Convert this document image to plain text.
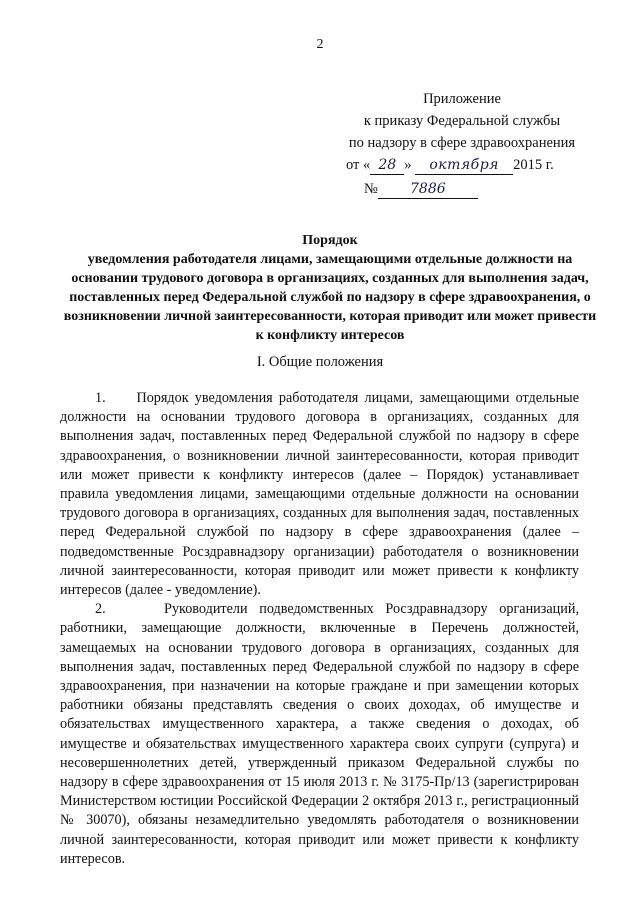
2
Приложение
к приказу Федеральной службы
по надзору в сфере здравоохранения
от « 28 » октября 2015 г.
№ 7886
Порядок
уведомления работодателя лицами, замещающими отдельные должности на основании трудового договора в организациях, созданных для выполнения задач, поставленных перед Федеральной службой по надзору в сфере здравоохранения, о возникновении личной заинтересованности, которая приводит или может привести к конфликту интересов
I. Общие положения

1.     Порядок уведомления работодателя лицами, замещающими отдельные должности на основании трудового договора в организациях, созданных для выполнения задач, поставленных перед Федеральной службой по надзору в сфере здравоохранения, о возникновении личной заинтересованности, которая приводит или может привести к конфликту интересов (далее – Порядок) устанавливает правила уведомления лицами, замещающими отдельные должности на основании трудового договора в организациях, созданных для выполнения задач, поставленных перед Федеральной службой по надзору в сфере здравоохранения (далее – подведомственные Росздравнадзору организации) работодателя о возникновении личной заинтересованности, которая приводит или может привести к конфликту интересов (далее - уведомление).

2.     Руководители подведомственных Росздравнадзору организаций, работники, замещающие должности, включенные в Перечень должностей, замещаемых на основании трудового договора в организациях, созданных для выполнения задач, поставленных перед Федеральной службой по надзору в сфере здравоохранения, при назначении на которые граждане и при замещении которых работники обязаны представлять сведения о своих доходах, об имуществе и обязательствах имущественного характера, а также сведения о доходах, об имуществе и обязательствах имущественного характера своих супруги (супруга) и несовершеннолетних детей, утвержденный приказом Федеральной службы по надзору в сфере здравоохранения от 15 июля 2013 г. № 3175-Пр/13 (зарегистрирован Министерством юстиции Российской Федерации 2 октября 2013 г., регистрационный № 30070), обязаны незамедлительно уведомлять работодателя о возникновении личной заинтересованности, которая приводит или может привести к конфликту интересов.
